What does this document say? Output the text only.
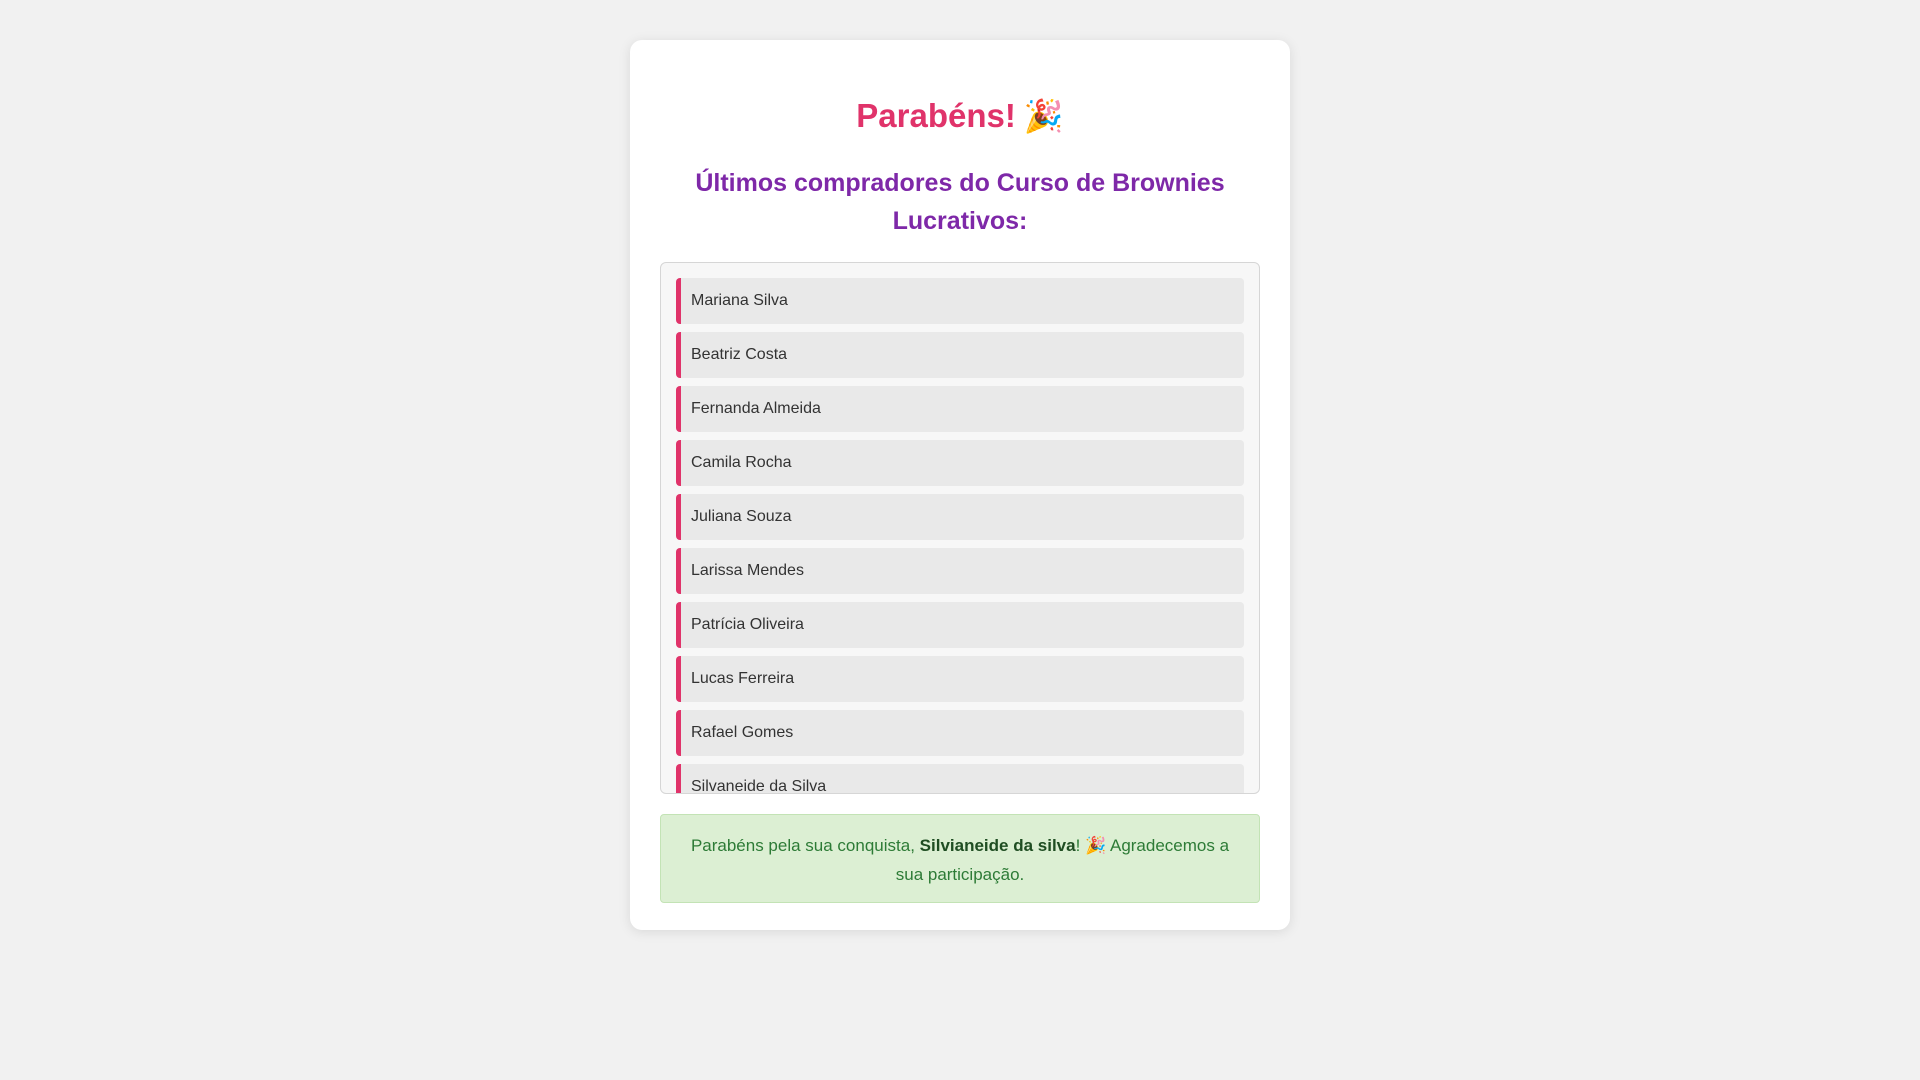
Parabéns! 🎉
Últimos compradores do Curso de Brownies Lucrativos:
Mariana Silva
Beatriz Costa
Fernanda Almeida
Camila Rocha
Juliana Souza
Larissa Mendes
Patrícia Oliveira
Lucas Ferreira
Rafael Gomes
Silvaneide da Silva
Parabéns pela sua conquista, Silvianeide da silva! 🎉 Agradecemos a sua participação.
